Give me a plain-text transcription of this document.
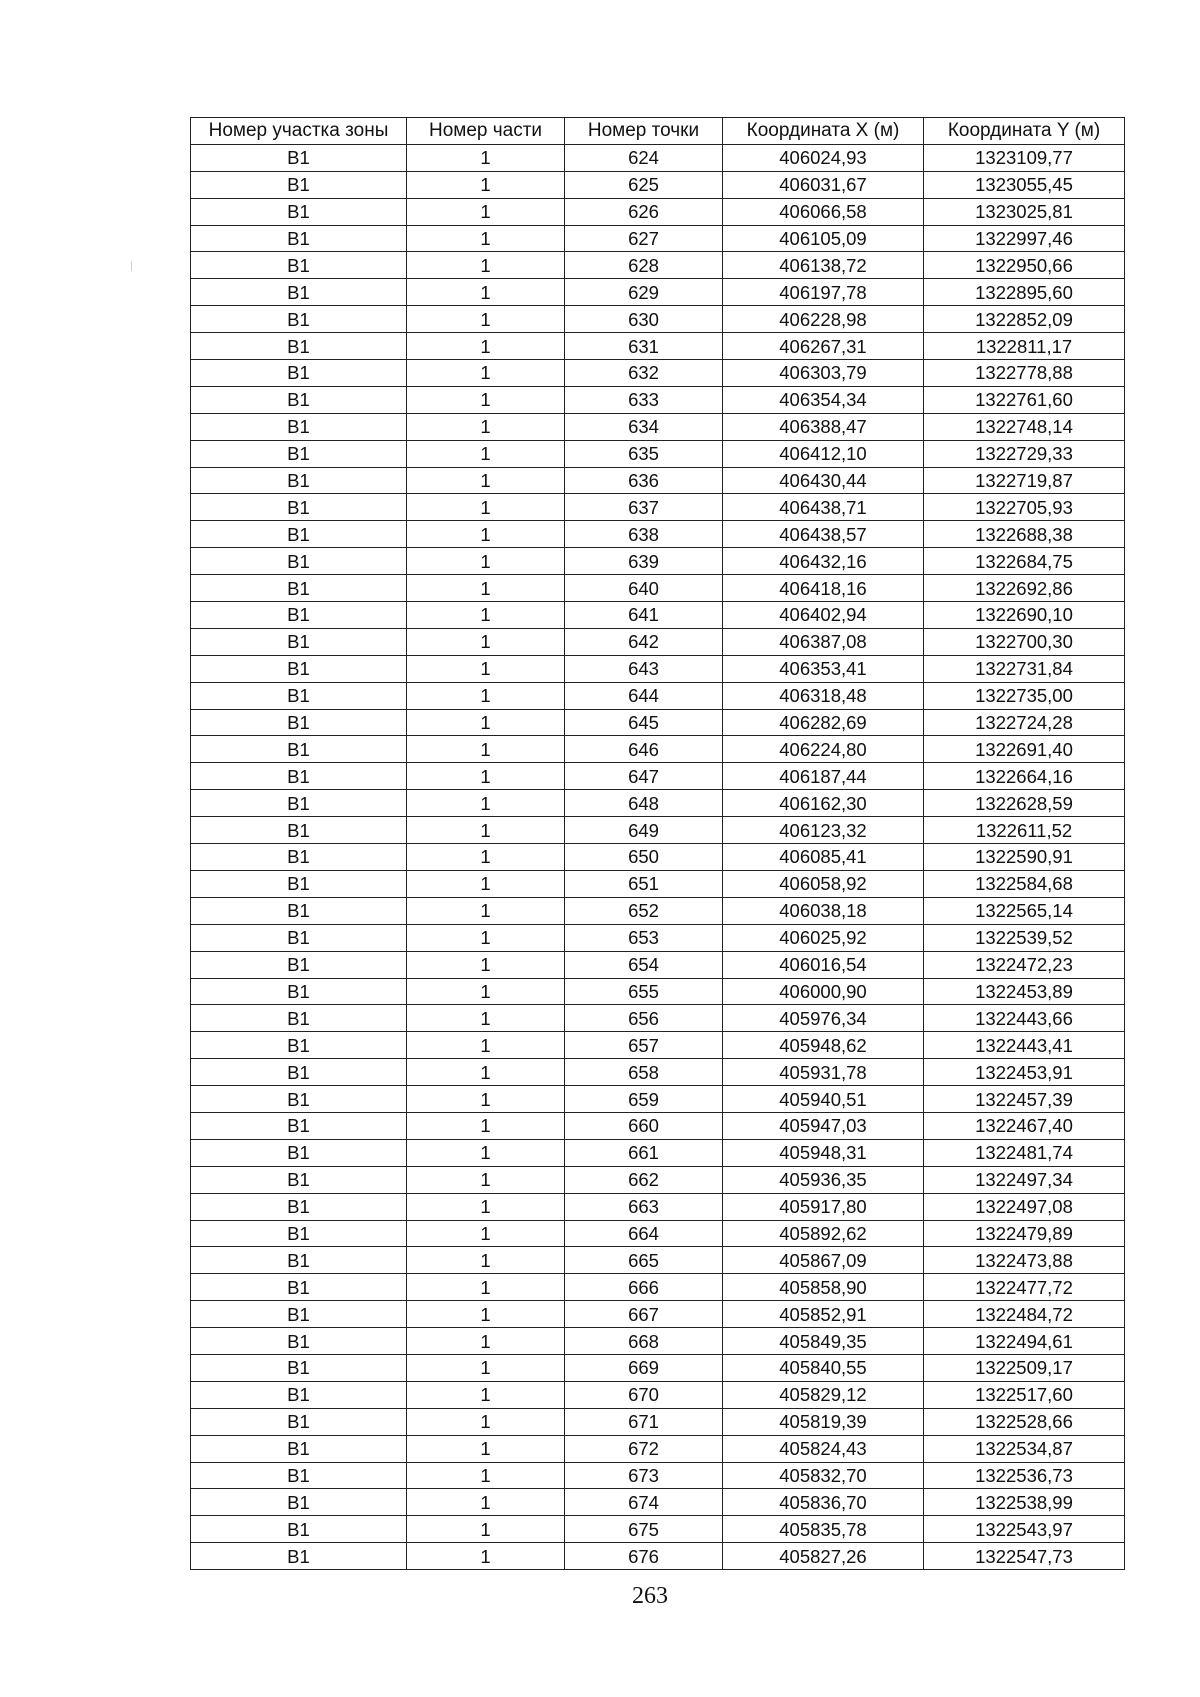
Номер участка зоны	Номер части	Номер точки	Координата X (м)	Координата Y (м)
В1	1	624	406024,93	1323109,77
В1	1	625	406031,67	1323055,45
В1	1	626	406066,58	1323025,81
В1	1	627	406105,09	1322997,46
В1	1	628	406138,72	1322950,66
В1	1	629	406197,78	1322895,60
В1	1	630	406228,98	1322852,09
В1	1	631	406267,31	1322811,17
В1	1	632	406303,79	1322778,88
В1	1	633	406354,34	1322761,60
В1	1	634	406388,47	1322748,14
В1	1	635	406412,10	1322729,33
В1	1	636	406430,44	1322719,87
В1	1	637	406438,71	1322705,93
В1	1	638	406438,57	1322688,38
В1	1	639	406432,16	1322684,75
В1	1	640	406418,16	1322692,86
В1	1	641	406402,94	1322690,10
В1	1	642	406387,08	1322700,30
В1	1	643	406353,41	1322731,84
В1	1	644	406318,48	1322735,00
В1	1	645	406282,69	1322724,28
В1	1	646	406224,80	1322691,40
В1	1	647	406187,44	1322664,16
В1	1	648	406162,30	1322628,59
В1	1	649	406123,32	1322611,52
В1	1	650	406085,41	1322590,91
В1	1	651	406058,92	1322584,68
В1	1	652	406038,18	1322565,14
В1	1	653	406025,92	1322539,52
В1	1	654	406016,54	1322472,23
В1	1	655	406000,90	1322453,89
В1	1	656	405976,34	1322443,66
В1	1	657	405948,62	1322443,41
В1	1	658	405931,78	1322453,91
В1	1	659	405940,51	1322457,39
В1	1	660	405947,03	1322467,40
В1	1	661	405948,31	1322481,74
В1	1	662	405936,35	1322497,34
В1	1	663	405917,80	1322497,08
В1	1	664	405892,62	1322479,89
В1	1	665	405867,09	1322473,88
В1	1	666	405858,90	1322477,72
В1	1	667	405852,91	1322484,72
В1	1	668	405849,35	1322494,61
В1	1	669	405840,55	1322509,17
В1	1	670	405829,12	1322517,60
В1	1	671	405819,39	1322528,66
В1	1	672	405824,43	1322534,87
В1	1	673	405832,70	1322536,73
В1	1	674	405836,70	1322538,99
В1	1	675	405835,78	1322543,97
В1	1	676	405827,26	1322547,73
263
